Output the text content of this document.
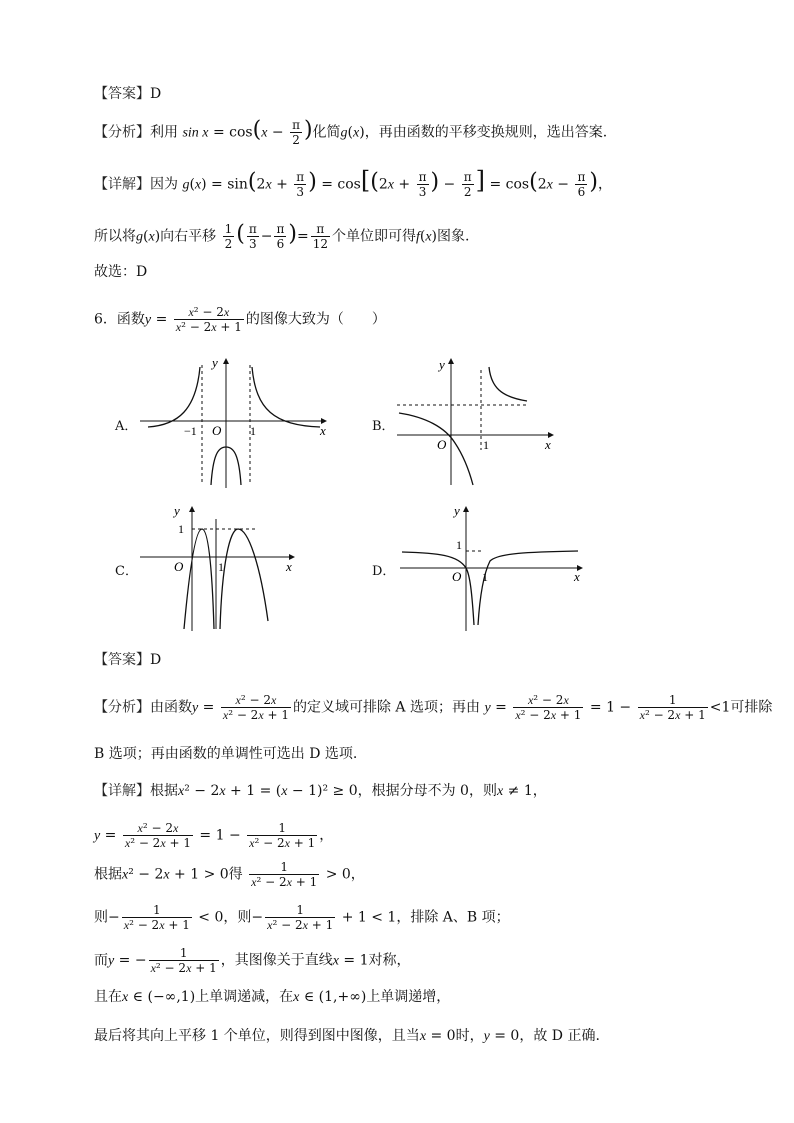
【答案】D
【分析】利用 $\sin x = \cos(x - \frac{\pi}{2}$ )化简g(x)，再由函数的平移变换规则，选出答案.
【详解】因为 $g(x) = \sin(2x + \frac{\pi}{3}$ ) = $\cos[(2x + \frac{\pi}{3}$ ) − $\frac{\pi}{2}$ ] = $\cos(2x - \frac{\pi}{6}$ )，
所以将g(x)向右平移 $\frac{1}{2}$ ( $\frac{\pi}{3} - \frac{\pi}{6}$ )= $\frac{\pi}{12}$ 个单位即可得f(x)图象.
故选：D
6．函数$y = \frac{\text{x² − 2x}}{\text{x² − 2x + 1}}$ 的图像大致为（　　）
A．	B．
C．	D．
y
x
O
−1	1
y
x
O	1
y
1
x
O	1
y
1
x
O 1
【答案】D
【分析】由函数$y = \frac{\text{x² − 2x}}{\text{x² − 2x + 1}}$ 的定义域可排除 A 选项；再由 $y = \frac{\text{x² − 2x}}{\text{x² − 2x + 1}} = 1 - \frac{1}{\text{x² − 2x + 1}} <1$可排除
B 选项；再由函数的单调性可选出 D 选项.
【详解】根据x² − 2x + 1 = (x − 1)² ≥ 0，根据分母不为 0，则x ≠ 1，
$y = \frac{\text{x² − 2x}}{\text{x² − 2x + 1}} = 1 - \frac{1}{\text{x² − 2x + 1}}$ ，
根据x² − 2x + 1 > 0得 $\frac{1}{\text{x² − 2x + 1}} > 0$，
则− $\frac{1}{\text{x² − 2x + 1}} < 0$，则− $\frac{1}{\text{x² − 2x + 1}} + 1 < 1$，排除 A、B 项；
而y = − $\frac{1}{\text{x² − 2x + 1}}$ ，其图像关于直线x = 1对称，
且在x ∈ (−∞,1)上单调递减，在x ∈ (1,+∞)上单调递增，
最后将其向上平移 1 个单位，则得到图中图像，且当x = 0时，y = 0，故 D 正确.
